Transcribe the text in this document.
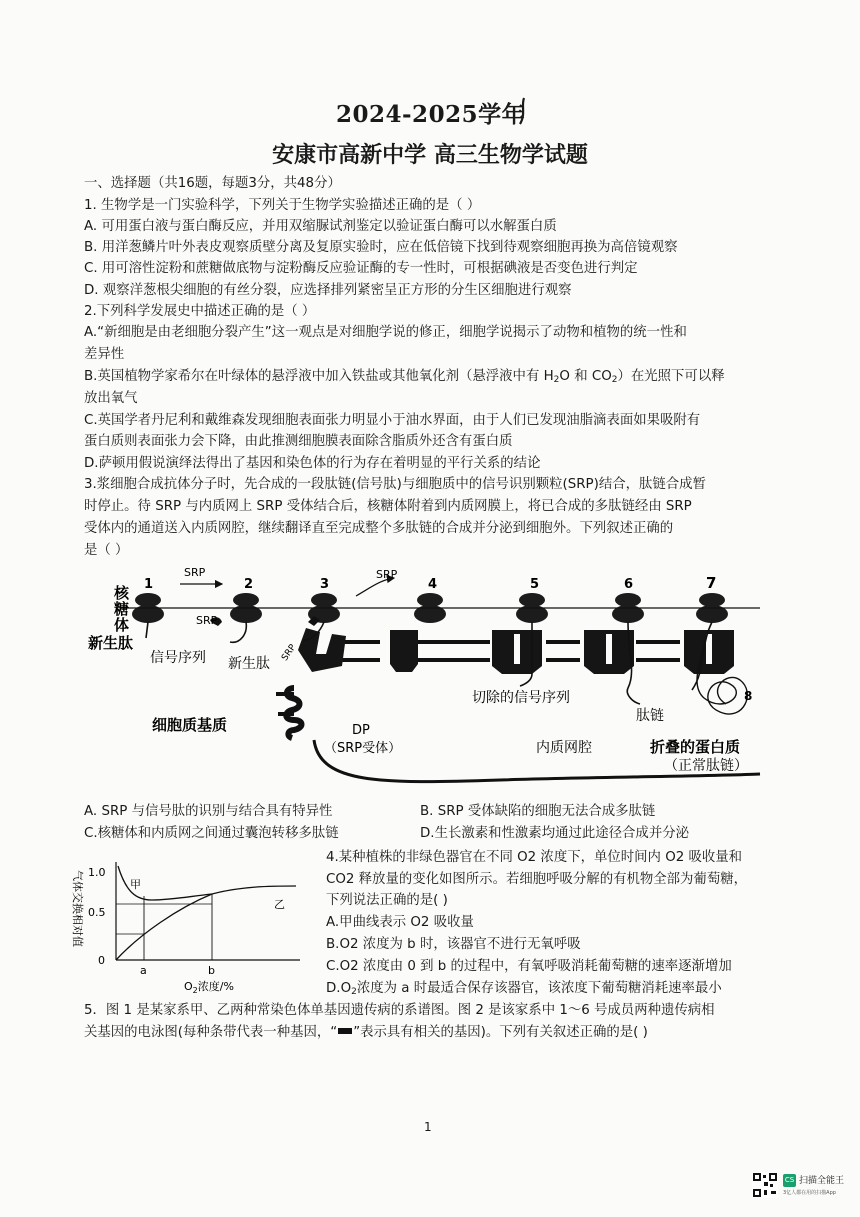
2024-2025学年
安康市高新中学 高三生物学试题
一、选择题（共16题，每题3分，共48分）
1. 生物学是一门实验科学，下列关于生物学实验描述正确的是（ ）
A. 可用蛋白液与蛋白酶反应，并用双缩脲试剂鉴定以验证蛋白酶可以水解蛋白质
B. 用洋葱鳞片叶外表皮观察质壁分离及复原实验时，应在低倍镜下找到待观察细胞再换为高倍镜观察
C. 用可溶性淀粉和蔗糖做底物与淀粉酶反应验证酶的专一性时，可根据碘液是否变色进行判定
D. 观察洋葱根尖细胞的有丝分裂，应选择排列紧密呈正方形的分生区细胞进行观察
2.下列科学发展史中描述正确的是（ ）
A.“新细胞是由老细胞分裂产生”这一观点是对细胞学说的修正，细胞学说揭示了动物和植物的统一性和
差异性
B.英国植物学家希尔在叶绿体的悬浮液中加入铁盐或其他氧化剂（悬浮液中有 $H_2O$ 和 $CO_2$）在光照下可以释
放出氧气
C.英国学者丹尼利和戴维森发现细胞表面张力明显小于油水界面，由于人们已发现油脂滴表面如果吸附有
蛋白质则表面张力会下降，由此推测细胞膜表面除含脂质外还含有蛋白质
D.萨顿用假说演绎法得出了基因和染色体的行为存在着明显的平行关系的结论
3.浆细胞合成抗体分子时，先合成的一段肽链(信号肽)与细胞质中的信号识别颗粒(SRP)结合，肽链合成暂
时停止。待 SRP 与内质网上 SRP 受体结合后，核糖体附着到内质网膜上，将已合成的多肽链经由 SRP
受体内的通道送入内质网腔，继续翻译直至完成整个多肽链的合成并分泌到细胞外。下列叙述正确的
是（ ）
1	2	3	4	5	6	7
8
SRP	SRP
SRP
SRP
核
糖
体
新生肽
信号序列 新生肽
切除的信号序列
肽链
细胞质基质	DP
（SRP受体）	内质网腔	折叠的蛋白质
（正常肽链）
A. SRP 与信号肽的识别与结合具有特异性	B. SRP 受体缺陷的细胞无法合成多肽链
C.核糖体和内质网之间通过囊泡转移多肽链	D.生长激素和性激素均通过此途径合成并分泌
气体交换相对值 1.0
0.5
0
甲
乙
a	b
$O_2$浓度/%
4.某种植株的非绿色器官在不同 O2 浓度下，单位时间内 O2 吸收量和
CO2 释放量的变化如图所示。若细胞呼吸分解的有机物全部为葡萄糖，
下列说法正确的是( )
A.甲曲线表示 O2 吸收量
B.O2 浓度为 b 时，该器官不进行无氧呼吸
C.O2 浓度由 0 到 b 的过程中，有氧呼吸消耗葡萄糖的速率逐渐增加
$D.O_2$浓度为 a 时最适合保存该器官，该浓度下葡萄糖消耗速率最小
5．图 1 是某家系甲、乙两种常染色体单基因遗传病的系谱图。图 2 是该家系中 1～6 号成员两种遗传病相
关基因的电泳图(每种条带代表一种基因，“ ”表示具有相关的基因)。下列有关叙述正确的是( )
1
CS 扫描全能王
3亿人都在用的扫描App
